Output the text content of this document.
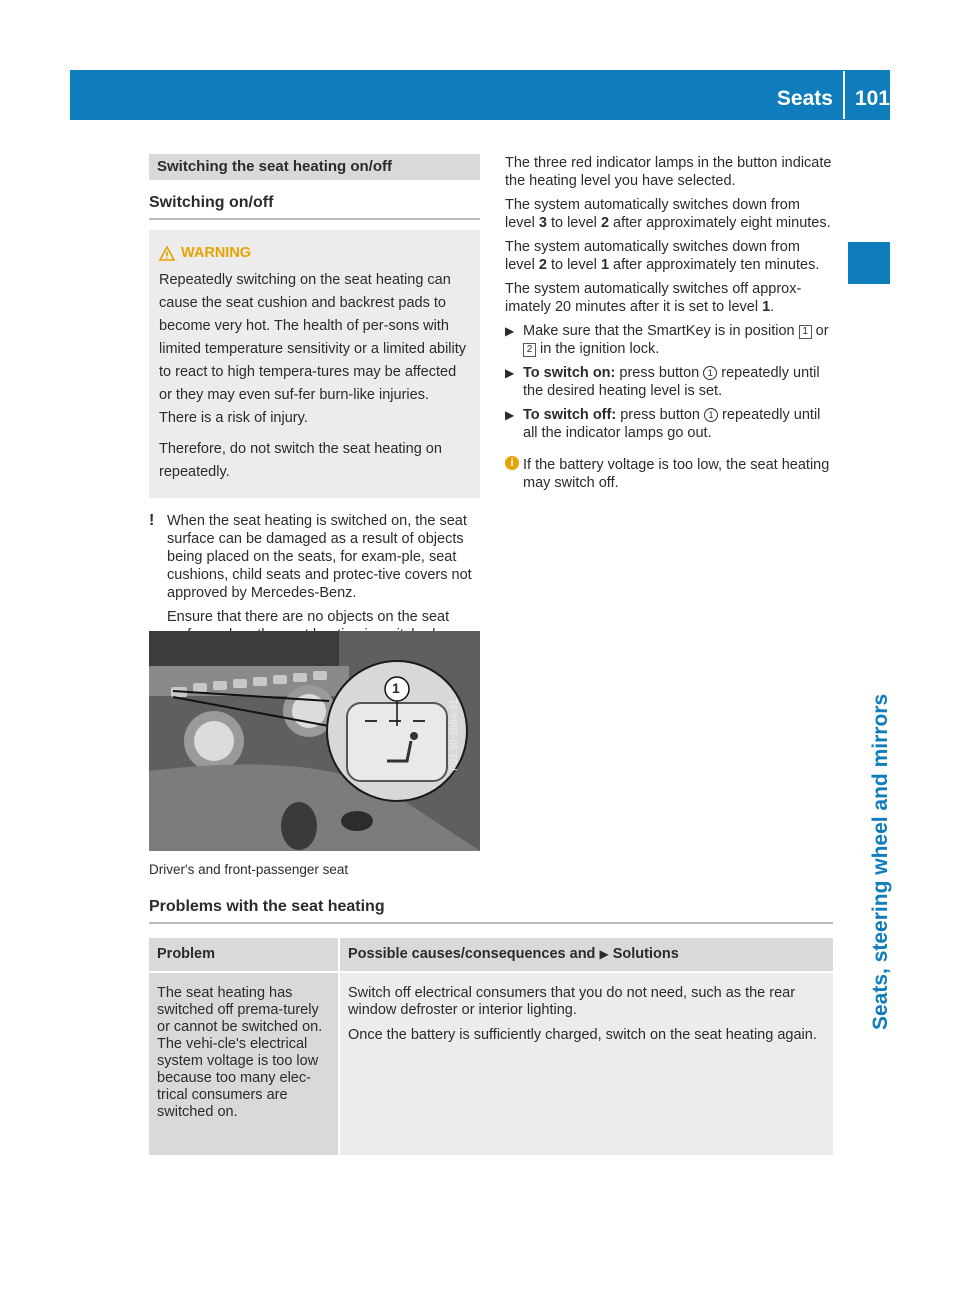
Seats 101
Seats, steering wheel and mirrors
Switching the seat heating on/off
Switching on/off
WARNING

Repeatedly switching on the seat heating can cause the seat cushion and backrest pads to become very hot. The health of per-sons with limited temperature sensitivity or a limited ability to react to high tempera-tures may be affected or they may even suf-fer burn-like injuries. There is a risk of injury.

Therefore, do not switch the seat heating on repeatedly.

! When the seat heating is switched on, the seat surface can be damaged as a result of objects being placed on the seats, for exam-ple, seat cushions, child seats and protec-tive covers not approved by Mercedes-Benz.

Ensure that there are no objects on the seat

1
P91.30-2694-31
Driver's and front-passenger seat

The three red indicator lamps in the button indicate the heating level you have selected.

The system automatically switches down from level 3 to level 2 after approximately eight minutes.

The system automatically switches down from level 2 to level 1 after approximately ten minutes.

The system automatically switches off approx-imately 20 minutes after it is set to level 1.

▶ Make sure that the SmartKey is in position 1 or 2 in the ignition lock.
▶ To switch on: press button 1 repeatedly until the desired heating level is set.
▶ To switch off: press button 1 repeatedly until all the indicator lamps go out.
i If the battery voltage is too low, the seat heating may switch off.
Problems with the seat heating
Problem	Possible causes/consequences and ▶ Solutions
The seat heating has switched off prema-turely or cannot be switched on. The vehi-cle's electrical system voltage is too low because too many elec-trical consumers are switched on.	Switch off electrical consumers that you do not need, such as the rear window defroster or interior lighting.

Once the battery is sufficiently charged, switch on the seat heating again.
